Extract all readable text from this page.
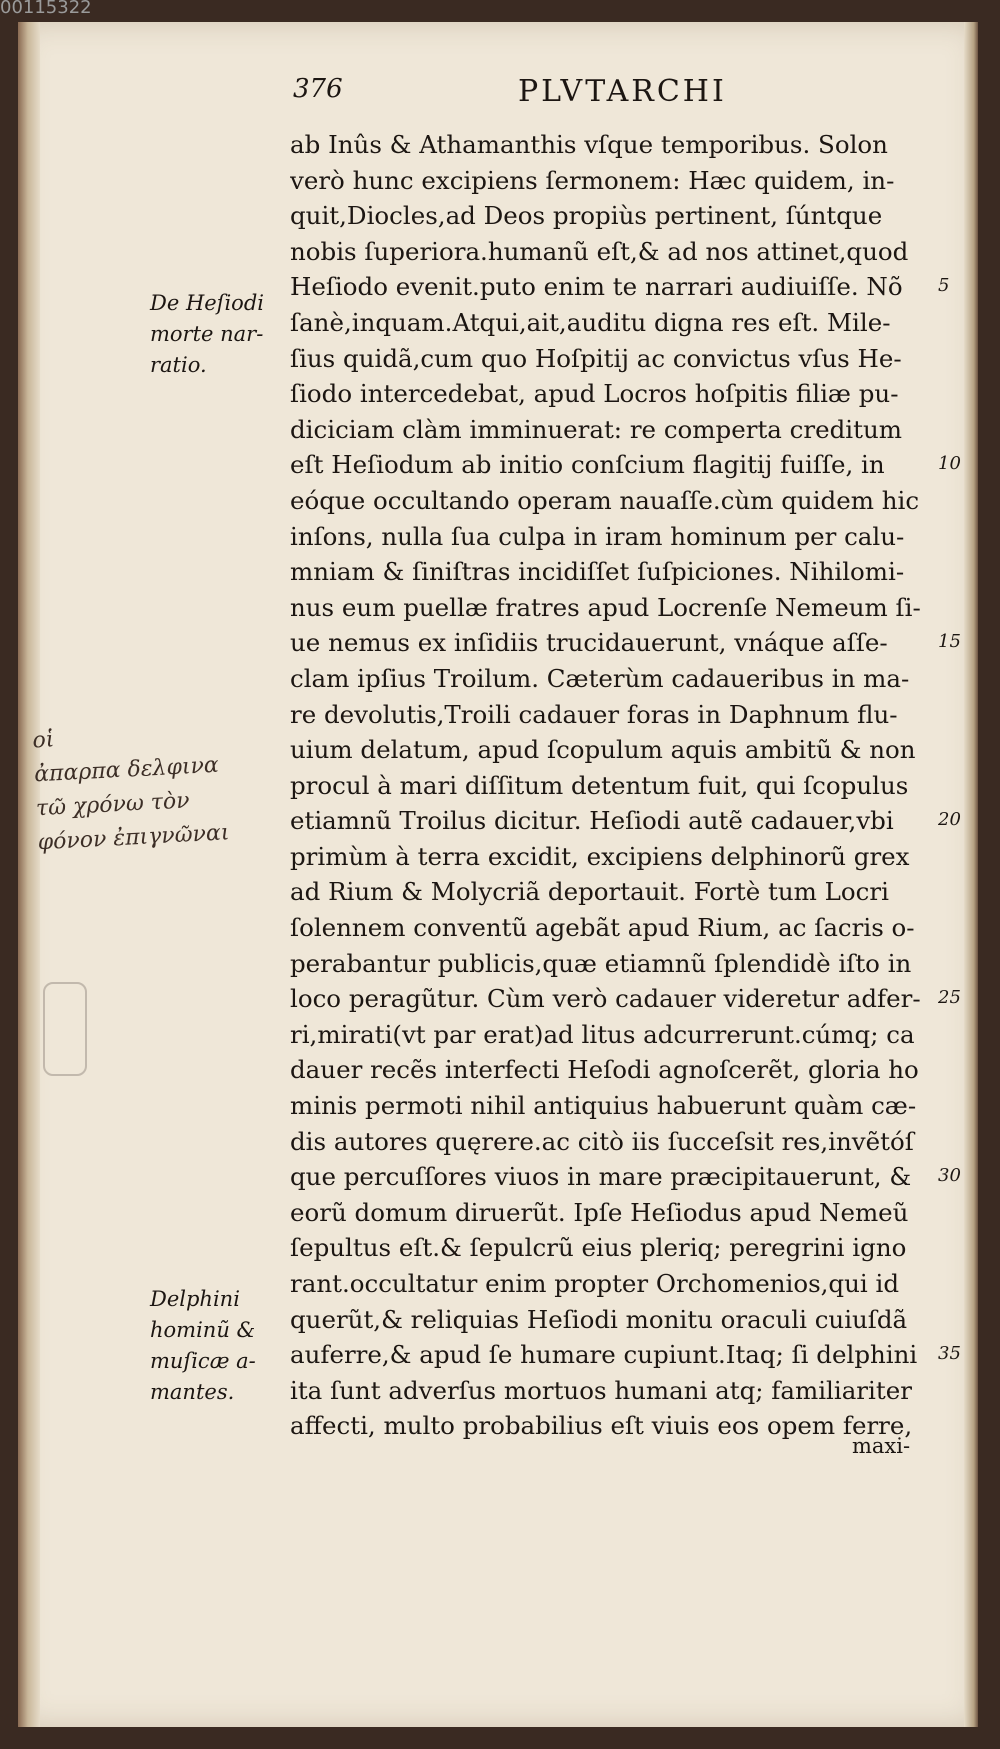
00115322
376	PLVTARCHI
ab Inûs & Athamanthis vſque temporibus. Solon
verò hunc excipiens ſermonem: Hæc quidem, in-
quit,Diocles,ad Deos propiùs pertinent, ſúntque
nobis ſuperiora.humanũ eſt,& ad nos attinet,quod
Heſiodo evenit.puto enim te narrari audiuiſſe. Nõ
ſanè,inquam.Atqui,ait,auditu digna res eſt. Mile-
ſius quidã,cum quo Hoſpitij ac convictus vſus He-
ſiodo intercedebat, apud Locros hoſpitis filiæ pu-
diciciam clàm imminuerat: re comperta creditum
eſt Heſiodum ab initio conſcium flagitij fuiſſe, in
eóque occultando operam nauaſſe.cùm quidem hic
inſons, nulla ſua culpa in iram hominum per calu-
mniam & ſiniſtras incidiſſet ſuſpiciones. Nihilomi-
nus eum puellæ fratres apud Locrenſe Nemeum ſi-
ue nemus ex inſidiis trucidauerunt, vnáque aſſe-
clam ipſius Troilum. Cæterùm cadaueribus in ma-
re devolutis,Troili cadauer foras in Daphnum flu-
uium delatum, apud ſcopulum aquis ambitũ & non
procul à mari diſſitum detentum fuit, qui ſcopulus
etiamnũ Troilus dicitur. Heſiodi autẽ cadauer,vbi
primùm à terra excidit, excipiens delphinorũ grex
ad Rium & Molycriã deportauit. Fortè tum Locri
ſolennem conventũ agebãt apud Rium, ac ſacris o-
perabantur publicis,quæ etiamnũ ſplendidè iſto in
loco peragũtur. Cùm verò cadauer videretur adfer-
ri,mirati(vt par erat)ad litus adcurrerunt.cúmq; ca
dauer recẽs interfecti Heſodi agnoſcerẽt, gloria ho
minis permoti nihil antiquius habuerunt quàm cæ-
dis autores quęrere.ac citò iis ſucceſsit res,invẽtóſ
que percuſſores viuos in mare præcipitauerunt, &
eorũ domum diruerũt. Ipſe Heſiodus apud Nemeũ
ſepultus eſt.& ſepulcrũ eius pleriq; peregrini igno
rant.occultatur enim propter Orchomenios,qui id
querũt,& reliquias Heſiodi monitu oraculi cuiuſdã
auferre,& apud ſe humare cupiunt.Itaq; ſi delphini
ita ſunt adverſus mortuos humani atq; familiariter
affecti, multo probabilius eſt viuis eos opem ferre,
5
10
15
20
25
30
35
De Heſiodi
morte nar-
ratio.
Delphini
hominũ &
muſicæ a-
mantes.
οἱ
ἀπαρπα δελφινα
τῶ χρόνω τὸν
φόνον ἐπιγνῶναι
maxi-
